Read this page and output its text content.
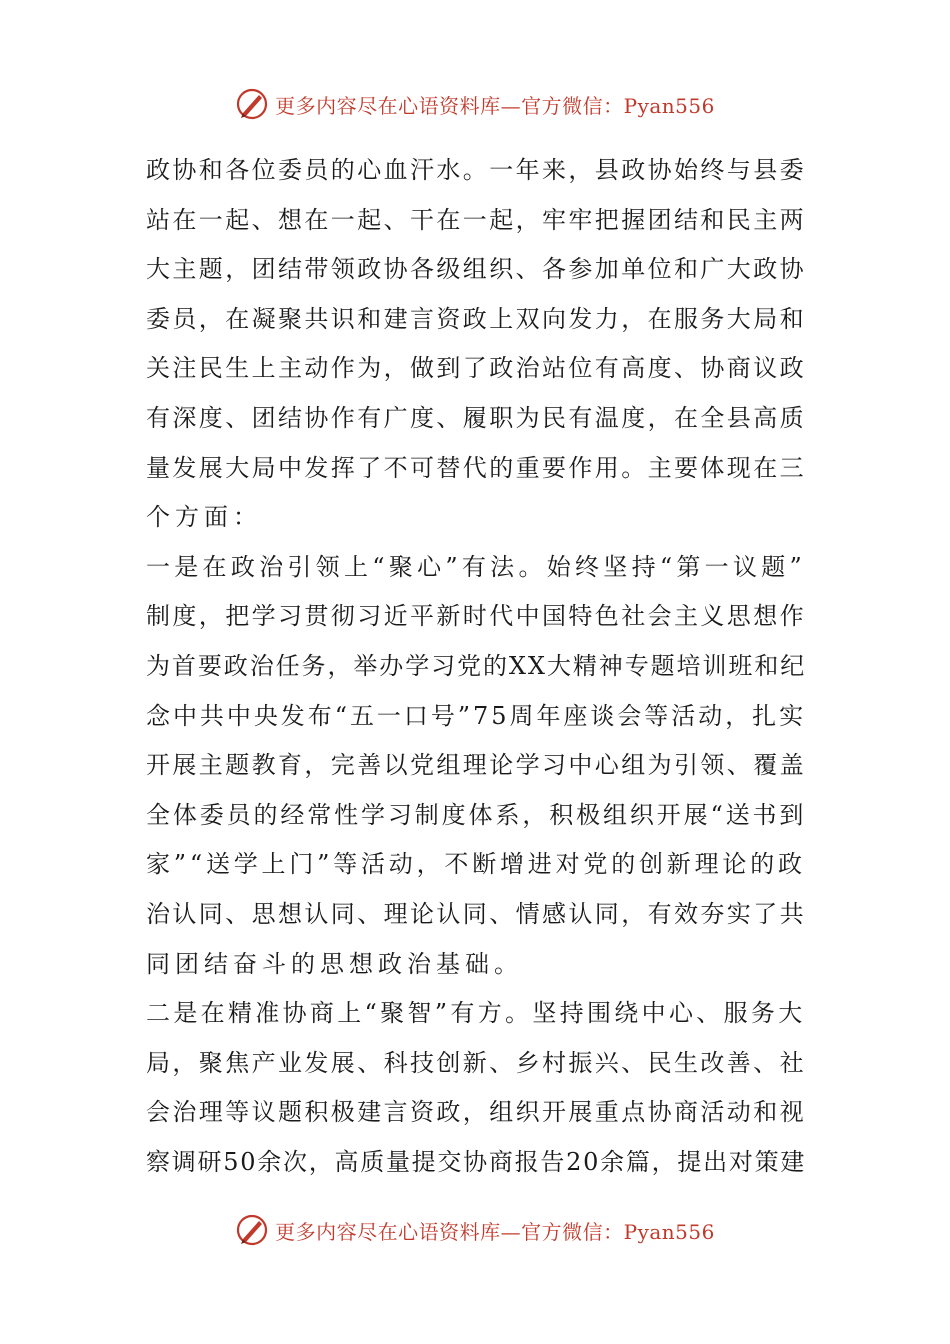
更多内容尽在心语资料库—官方微信：Pyan556
政协和各位委员的心血汗水。一年来，县政协始终与县委
站在一起、想在一起、干在一起，牢牢把握团结和民主两
大主题，团结带领政协各级组织、各参加单位和广大政协
委员，在凝聚共识和建言资政上双向发力，在服务大局和
关注民生上主动作为，做到了政治站位有高度、协商议政
有深度、团结协作有广度、履职为民有温度，在全县高质
量发展大局中发挥了不可替代的重要作用。主要体现在三
个方面：
一是在政治引领上“聚心”有法。始终坚持“第一议题”
制度，把学习贯彻习近平新时代中国特色社会主义思想作
为首要政治任务，举办学习党的XX大精神专题培训班和纪
念中共中央发布“五一口号”75周年座谈会等活动，扎实
开展主题教育，完善以党组理论学习中心组为引领、覆盖
全体委员的经常性学习制度体系，积极组织开展“送书到
家”“送学上门”等活动，不断增进对党的创新理论的政
治认同、思想认同、理论认同、情感认同，有效夯实了共
同团结奋斗的思想政治基础。
二是在精准协商上“聚智”有方。坚持围绕中心、服务大
局，聚焦产业发展、科技创新、乡村振兴、民生改善、社
会治理等议题积极建言资政，组织开展重点协商活动和视
察调研50余次，高质量提交协商报告20余篇，提出对策建
更多内容尽在心语资料库—官方微信：Pyan556
